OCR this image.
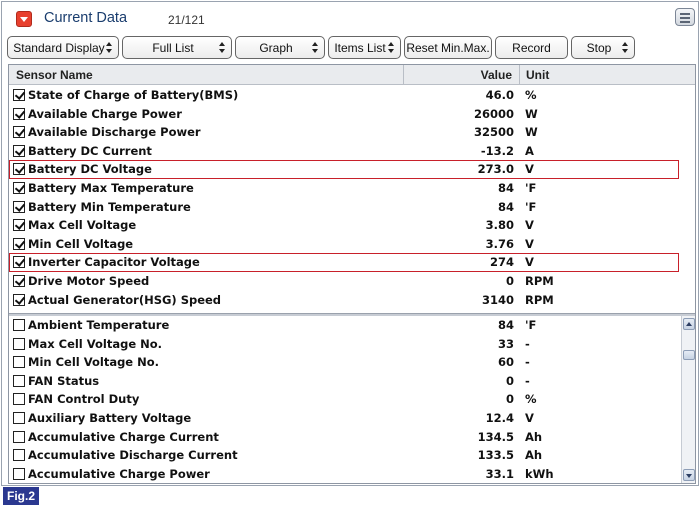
Current Data	21/121
Standard Display	Full List	Graph	Items List Reset Min.Max. Record	Stop
Sensor Name	Value	Unit
State of Charge of Battery(BMS)	46.0 %
Available Charge Power	26000 W
Available Discharge Power	32500 W
Battery DC Current	-13.2 A
Battery DC Voltage	273.0 V
Battery Max Temperature	84 'F
Battery Min Temperature	84 'F
Max Cell Voltage	3.80 V
Min Cell Voltage	3.76 V
Inverter Capacitor Voltage	274 V
Drive Motor Speed	0 RPM
Actual Generator(HSG) Speed	3140 RPM
Ambient Temperature	84 'F
Max Cell Voltage No.	33 -
Min Cell Voltage No.	60 -
FAN Status	0 -
FAN Control Duty	0 %
Auxiliary Battery Voltage	12.4 V
Accumulative Charge Current	134.5 Ah
Accumulative Discharge Current	133.5 Ah
Accumulative Charge Power	33.1 kWh
Fig.2
